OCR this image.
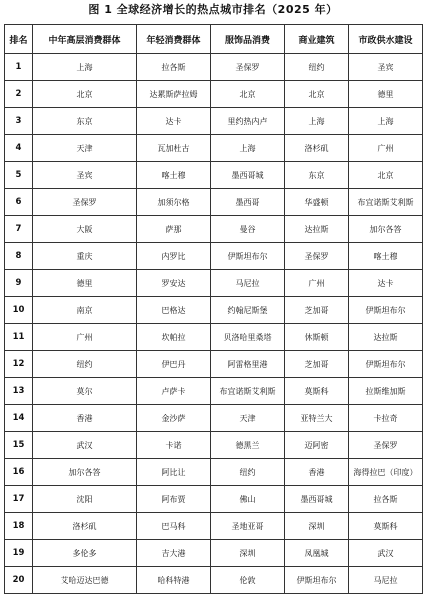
图 1 全球经济增长的热点城市排名（2025 年）
排名	中年高层消费群体	年轻消费群体	服饰品消费	商业建筑	市政供水建设
1	上海	拉各斯	圣保罗	纽约	圣宾
2	北京	达累斯萨拉姆	北京	北京	德里
3	东京	达卡	里约热内卢	上海	上海
4	天津	瓦加杜古	上海	洛杉矶	广州
5	圣宾	喀土穆	墨西哥城	东京	北京
6	圣保罗	加须尔格	墨西哥	华盛顿	布宜诺斯艾利斯
7	大阪	萨那	曼谷	达拉斯	加尔各答
8	重庆	内罗比	伊斯坦布尔	圣保罗	喀土穆
9	德里	罗安达	马尼拉	广州	达卡
10	南京	巴格达	约翰尼斯堡	芝加哥	伊斯坦布尔
11	广州	坎帕拉	贝洛哈里桑塔	休斯顿	达拉斯
12	纽约	伊巴丹	阿雷格里港	芝加哥	伊斯坦布尔
13	莫尔	卢萨卡	布宜诺斯艾利斯	莫斯科	拉斯维加斯
14	香港	金沙萨	天津	亚特兰大	卡拉奇
15	武汉	卡诺	德黑兰	迈阿密	圣保罗
16	加尔各答	阿比让	纽约	香港	海得拉巴（印度）
17	沈阳	阿布贾	佛山	墨西哥城	拉各斯
18	洛杉矶	巴马科	圣地亚哥	深圳	莫斯科
19	多伦多	吉大港	深圳	凤凰城	武汉
20	艾哈迈达巴德	哈科特港	伦敦	伊斯坦布尔	马尼拉
